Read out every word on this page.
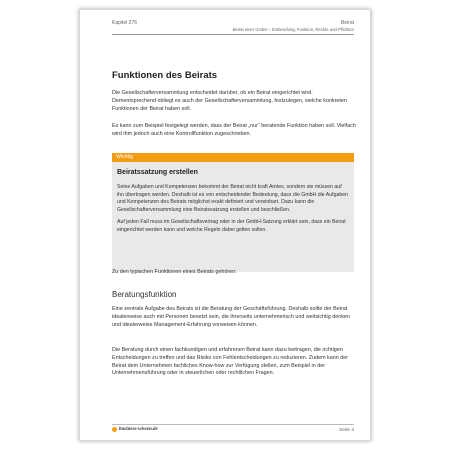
Kapitel 276	Beirat
Beirat einer GmbH – Einberufung, Funktion, Rechte und Pflichten
Funktionen des Beirats
Die Gesellschafterversammlung entscheidet darüber, ob ein Beirat eingerichtet wird. Dementsprechend obliegt es auch der Gesellschafterversammlung, festzulegen, welche konkreten Funktionen der Beirat haben soll.
Es kann zum Beispiel festgelegt werden, dass der Beirat „nur“ beratende Funktion haben soll. Vielfach wird ihm jedoch auch eine Kontrollfunktion zugeschrieben.
Wichtig
Beiratssatzung erstellen
Seine Aufgaben und Kompetenzen bekommt der Beirat nicht kraft Amtes, sondern sie müssen auf ihn übertragen werden. Deshalb ist es von entscheidender Bedeutung, dass die GmbH die Aufgaben und Kompetenzen des Beirats möglichst exakt definiert und vereinbart. Dazu kann die Gesellschafterversammlung eine Beiratssatzung erstellen und beschließen.
Auf jeden Fall muss im Gesellschaftsvertrag oder in der GmbH-Satzung erklärt sein, dass ein Beirat eingerichtet werden kann und welche Regeln dabei gelten sollen.
Zu den typischen Funktionen eines Beirats gehören:
Beratungsfunktion
Eine zentrale Aufgabe des Beirats ist die Beratung der Geschäftsführung. Deshalb sollte der Beirat idealerweise auch mit Personen besetzt sein, die ihrerseits unternehmerisch und weitsichtig denken und idealerweise Management-Erfahrung vorweisen können.
Die Beratung durch einen fachkundigen und erfahrenen Beirat kann dazu beitragen, die richtigen Entscheidungen zu treffen und das Risiko von Fehlentscheidungen zu reduzieren. Zudem kann der Beirat dem Unternehmen fachliches Know-how zur Verfügung stellen, zum Beispiel in der Unternehmensführung oder in steuerlichen oder rechtlichen Fragen.
business-wissen.de	Seite 3
